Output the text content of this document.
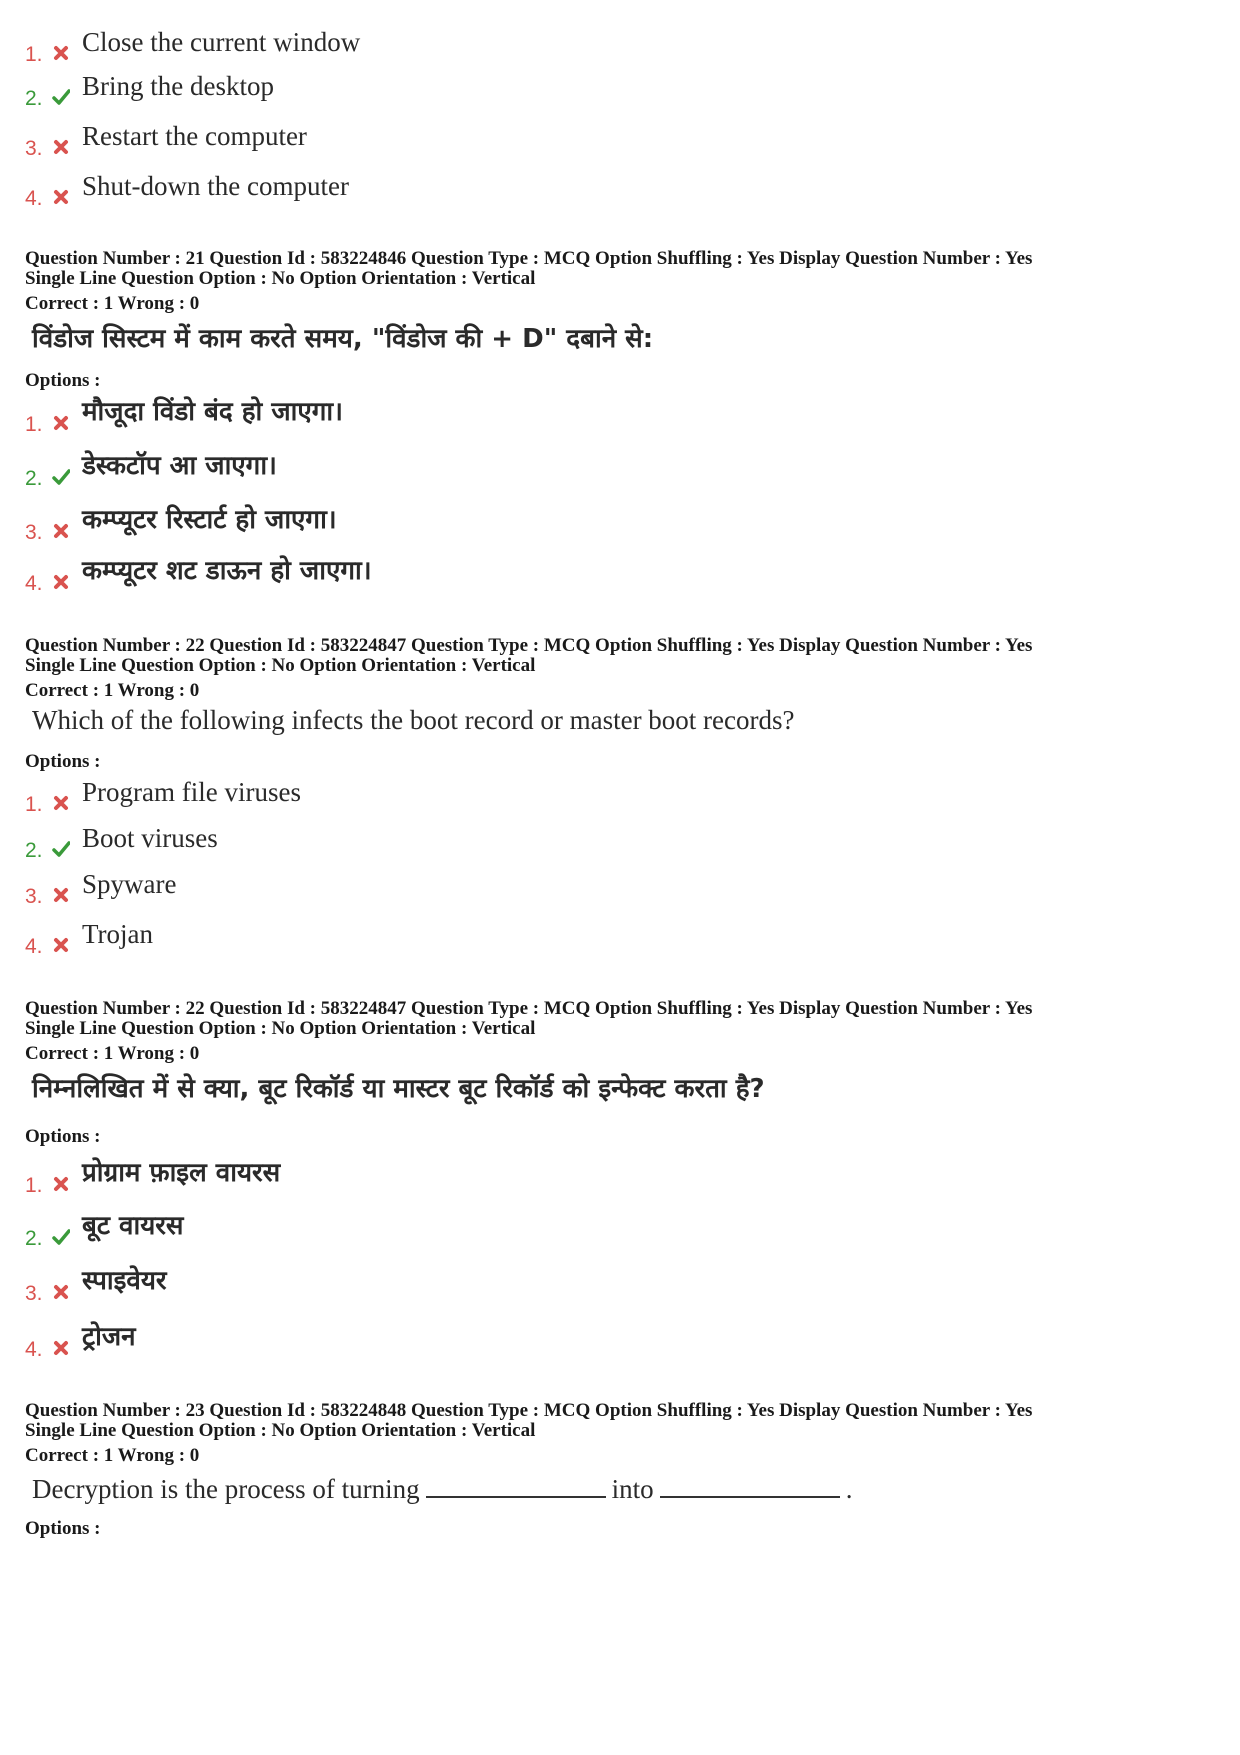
1. Close the current window
2. Bring the desktop
3. Restart the computer
4. Shut-down the computer
Question Number : 21 Question Id : 583224846 Question Type : MCQ Option Shuffling : Yes Display Question Number : Yes
Single Line Question Option : No Option Orientation : Vertical
Correct : 1 Wrong : 0
विंडोज सिस्टम में काम करते समय, "विंडोज की + D" दबाने से:
Options :
1. मौजूदा विंडो बंद हो जाएगा।
2. डेस्कटॉप आ जाएगा।
3. कम्प्यूटर रिस्टार्ट हो जाएगा।
4. कम्प्यूटर शट डाऊन हो जाएगा।
Question Number : 22 Question Id : 583224847 Question Type : MCQ Option Shuffling : Yes Display Question Number : Yes
Single Line Question Option : No Option Orientation : Vertical
Correct : 1 Wrong : 0
Which of the following infects the boot record or master boot records?
Options :
1. Program file viruses
2. Boot viruses
3. Spyware
4. Trojan
Question Number : 22 Question Id : 583224847 Question Type : MCQ Option Shuffling : Yes Display Question Number : Yes
Single Line Question Option : No Option Orientation : Vertical
Correct : 1 Wrong : 0
निम्नलिखित में से क्या, बूट रिकॉर्ड या मास्टर बूट रिकॉर्ड को इन्फेक्ट करता है?
Options :
1. प्रोग्राम फ़ाइल वायरस
2. बूट वायरस
3. स्पाइवेयर
4. ट्रोजन
Question Number : 23 Question Id : 583224848 Question Type : MCQ Option Shuffling : Yes Display Question Number : Yes
Single Line Question Option : No Option Orientation : Vertical
Correct : 1 Wrong : 0
Decryption is the process of turning	into	.
Options :
